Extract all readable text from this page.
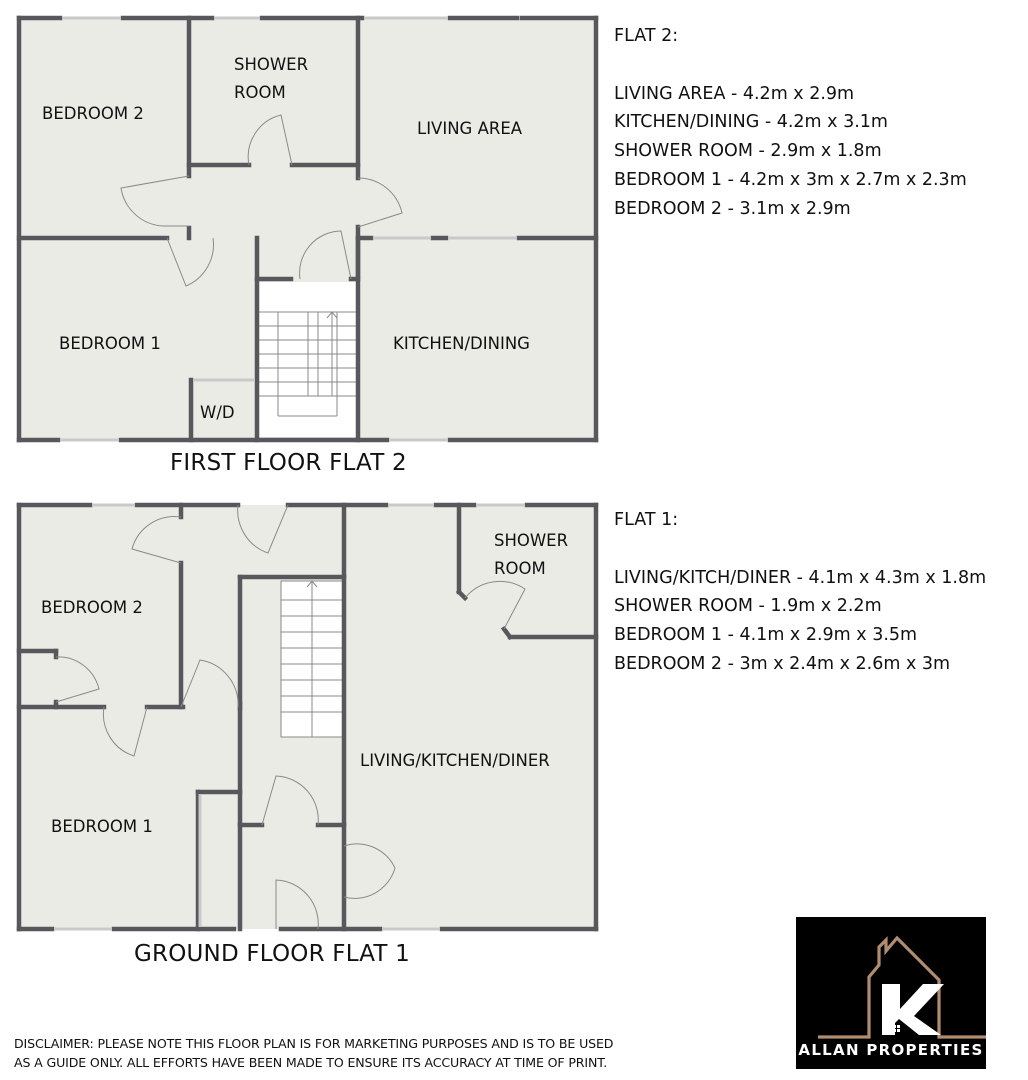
BEDROOM 2
SHOWER
ROOM
LIVING AREA
BEDROOM 1
W/D
KITCHEN/DINING
BEDROOM 2
SHOWER
ROOM
LIVING/KITCHEN/DINER
BEDROOM 1
FIRST FLOOR FLAT 2
GROUND FLOOR FLAT 1
FLAT 2:
LIVING AREA - 4.2m x 2.9m
KITCHEN/DINING - 4.2m x 3.1m
SHOWER ROOM - 2.9m x 1.8m
BEDROOM 1 - 4.2m x 3m x 2.7m x 2.3m
BEDROOM 2 - 3.1m x 2.9m
FLAT 1:
LIVING/KITCH/DINER - 4.1m x 4.3m x 1.8m
SHOWER ROOM - 1.9m x 2.2m
BEDROOM 1 - 4.1m x 2.9m x 3.5m
BEDROOM 2 - 3m x 2.4m x 2.6m x 3m
DISCLAIMER: PLEASE NOTE THIS FLOOR PLAN IS FOR MARKETING PURPOSES AND IS TO BE USED
AS A GUIDE ONLY. ALL EFFORTS HAVE BEEN MADE TO ENSURE ITS ACCURACY AT TIME OF PRINT.
ALLAN PROPERTIES
